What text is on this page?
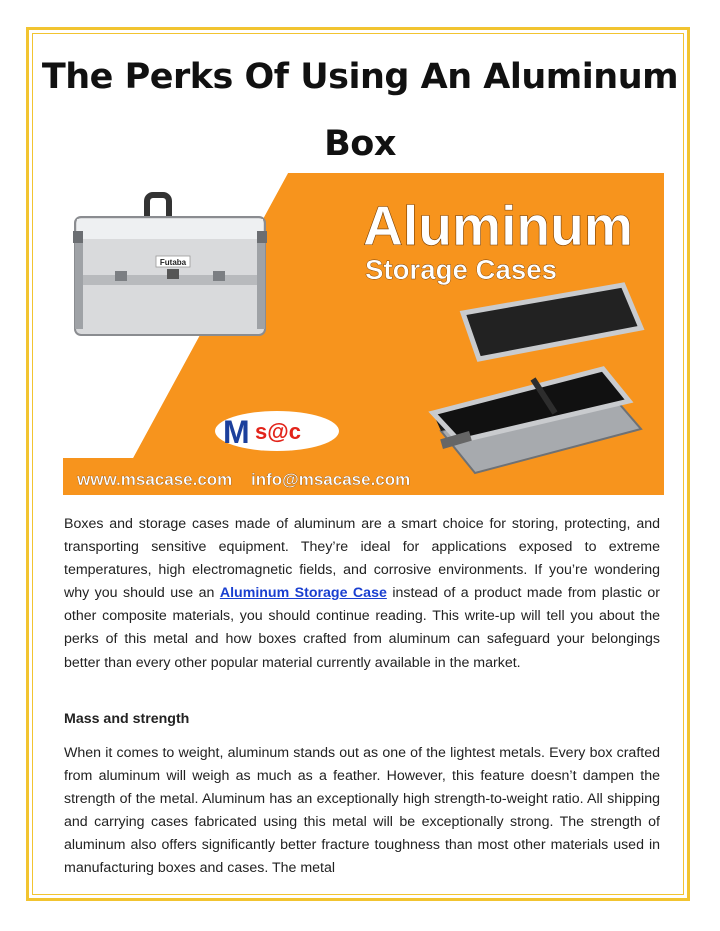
The Perks Of Using An Aluminum Box
Futaba
Aluminum
Storage Cases
M s@c
www.msacase.com info@msacase.com

Boxes and storage cases made of aluminum are a smart choice for storing, protecting, and transporting sensitive equipment. They’re ideal for applications exposed to extreme temperatures, high electromagnetic fields, and corrosive environments. If you’re wondering why you should use an Aluminum Storage Case instead of a product made from plastic or other composite materials, you should continue reading. This write-up will tell you about the perks of this metal and how boxes crafted from aluminum can safeguard your belongings better than every other popular material currently available in the market.

Mass and strength

When it comes to weight, aluminum stands out as one of the lightest metals. Every box crafted from aluminum will weigh as much as a feather. However, this feature doesn’t dampen the strength of the metal. Aluminum has an exceptionally high strength-to-weight ratio. All shipping and carrying cases fabricated using this metal will be exceptionally strong. The strength of aluminum also offers significantly better fracture toughness than most other materials used in manufacturing boxes and cases. The metal
